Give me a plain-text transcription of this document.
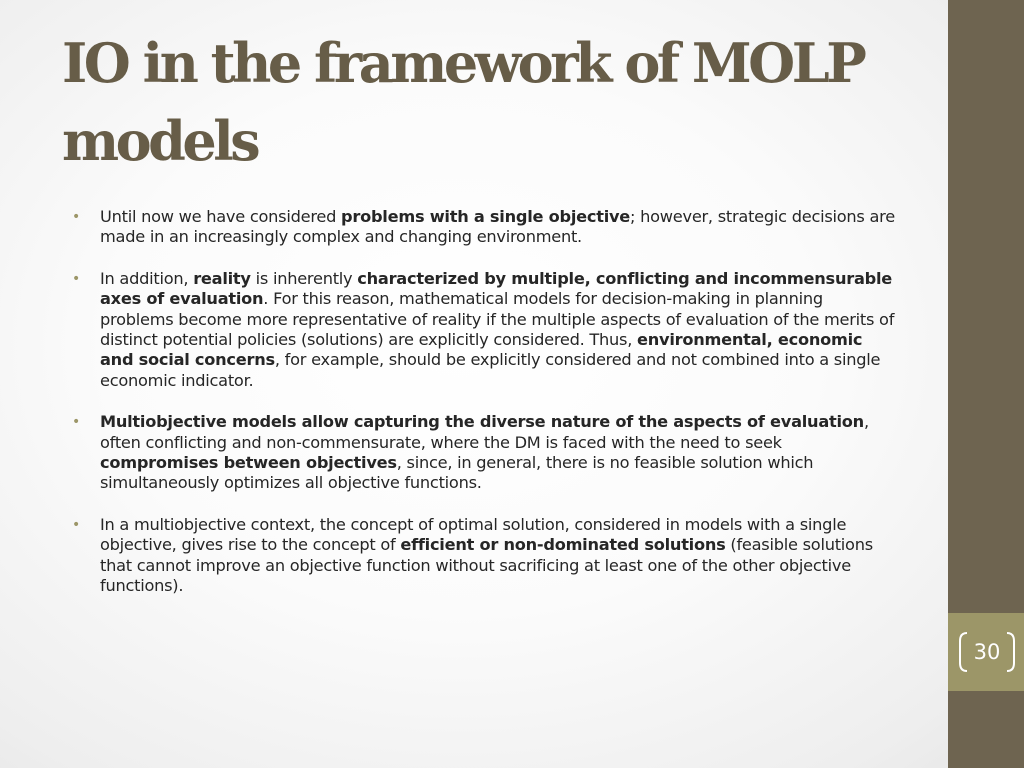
IO in the framework of MOLP models
• Until now we have considered problems with a single objective; however, strategic decisions are made in an increasingly complex and changing environment.
• In addition, reality is inherently characterized by multiple, conflicting and incommensurable axes of evaluation. For this reason, mathematical models for decision-making in planning problems become more representative of reality if the multiple aspects of evaluation of the merits of distinct potential policies (solutions) are explicitly considered. Thus, environmental, economic and social concerns, for example, should be explicitly considered and not combined into a single economic indicator.
• Multiobjective models allow capturing the diverse nature of the aspects of evaluation, often conflicting and non-commensurate, where the DM is faced with the need to seek compromises between objectives, since, in general, there is no feasible solution which simultaneously optimizes all objective functions.
• In a multiobjective context, the concept of optimal solution, considered in models with a single objective, gives rise to the concept of efficient or non-dominated solutions (feasible solutions that cannot improve an objective function without sacrificing at least one of the other objective functions).
30
